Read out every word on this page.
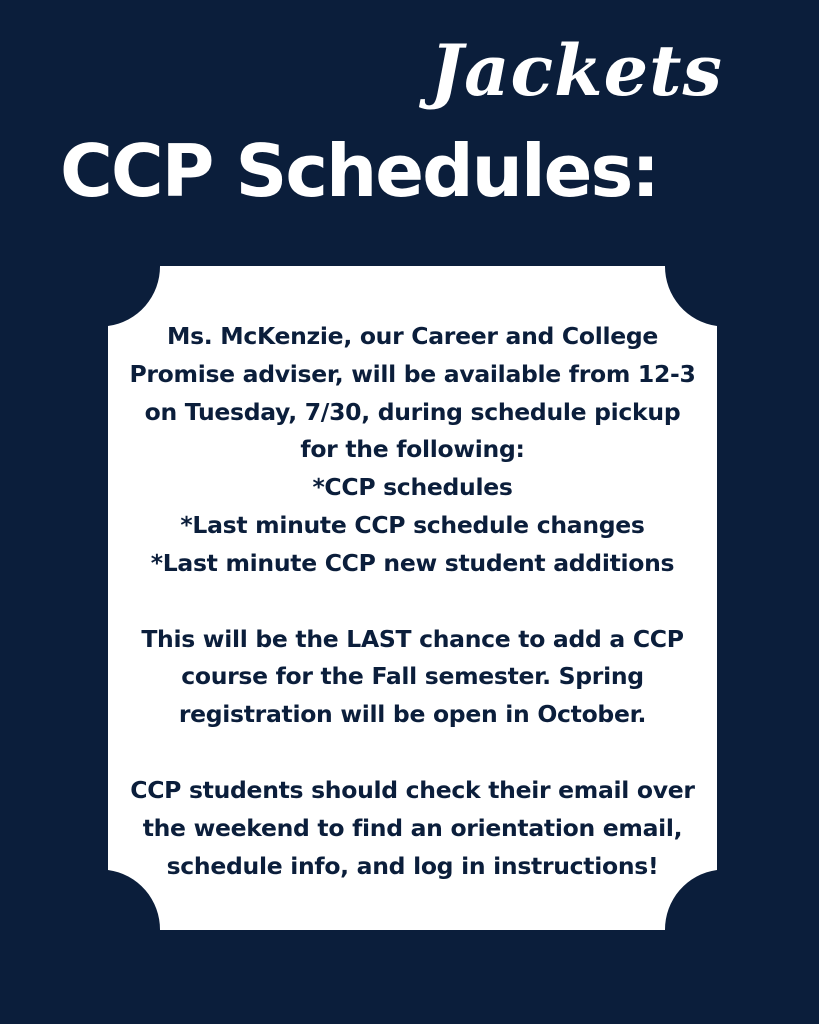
Jackets
CCP Schedules:

Ms. McKenzie, our Career and College

Promise adviser, will be available from 12-3

on Tuesday, 7/30, during schedule pickup

for the following:

*CCP schedules

*Last minute CCP schedule changes

*Last minute CCP new student additions

This will be the LAST chance to add a CCP

course for the Fall semester. Spring

registration will be open in October.

CCP students should check their email over

the weekend to find an orientation email,

schedule info, and log in instructions!
